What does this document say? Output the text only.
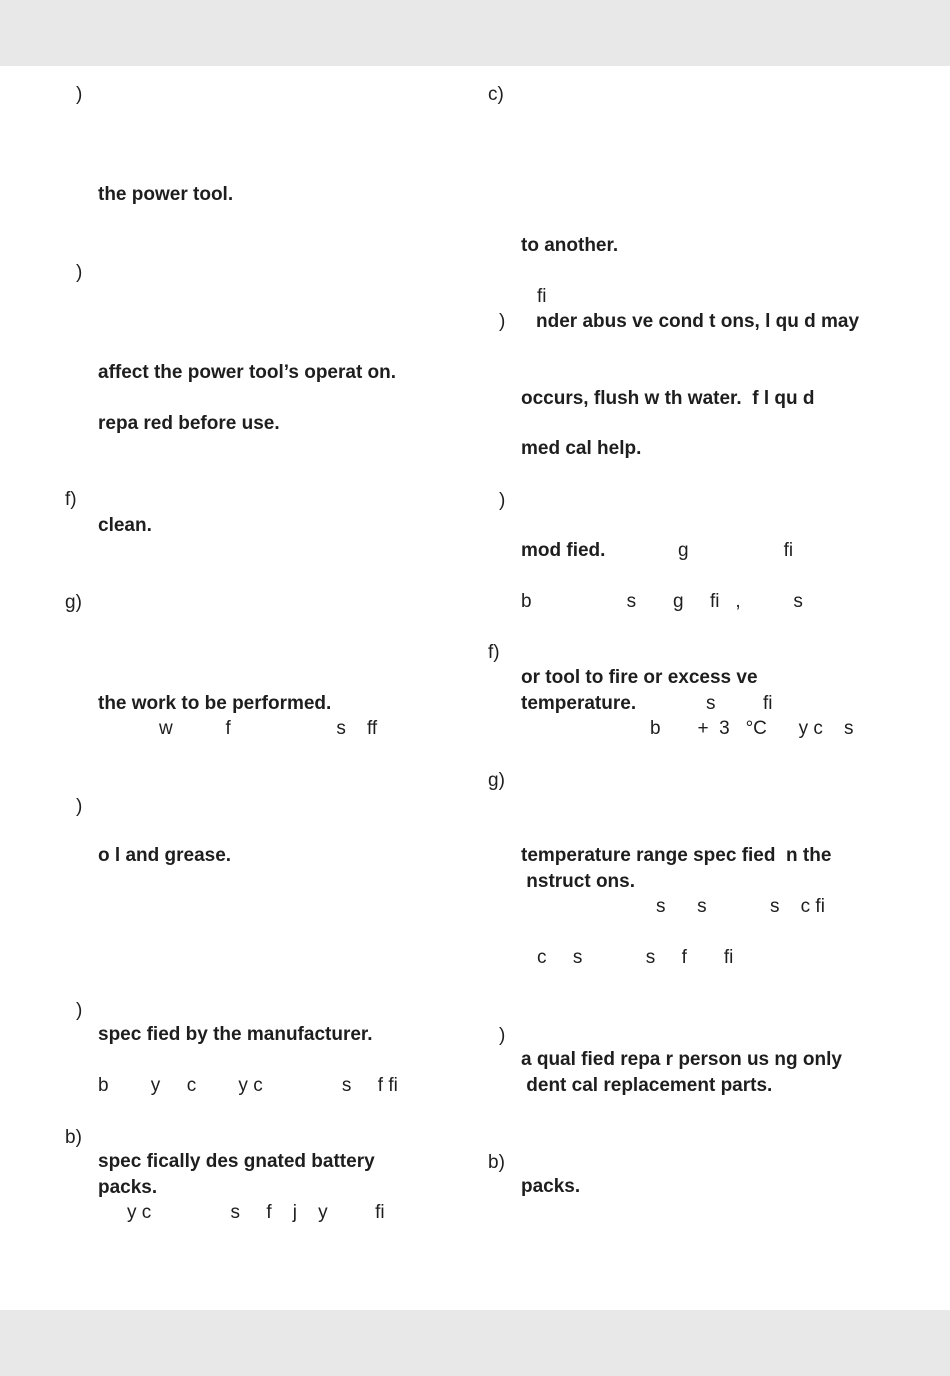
)

the power tool.

)

affect the power tool’s operat on.

repa red before use.

f)

clean.

g)

the work to be performed.

w          f                    s    ff

)

o l and grease.

)

spec fied by the manufacturer.

b        y     c        y c               s     f fi

b)

spec fically des gnated battery

packs.

y c               s     f    j    y         fi

c)

to another.

fi

) nder abus ve cond t ons, l qu d may

occurs, flush w th water.  f l qu d

med cal help.

)

mod fied.	g                  fi

b                  s       g     fi   ,          s

f)

or tool to fire or excess ve

temperature.	s         fi

b       +  3   °C      y c    s

g)

temperature range spec fied  n the

nstruct ons.

s      s            s    c fi

c     s            s     f       fi

)

a qual fied repa r person us ng only

dent cal replacement parts.

b)

packs.
